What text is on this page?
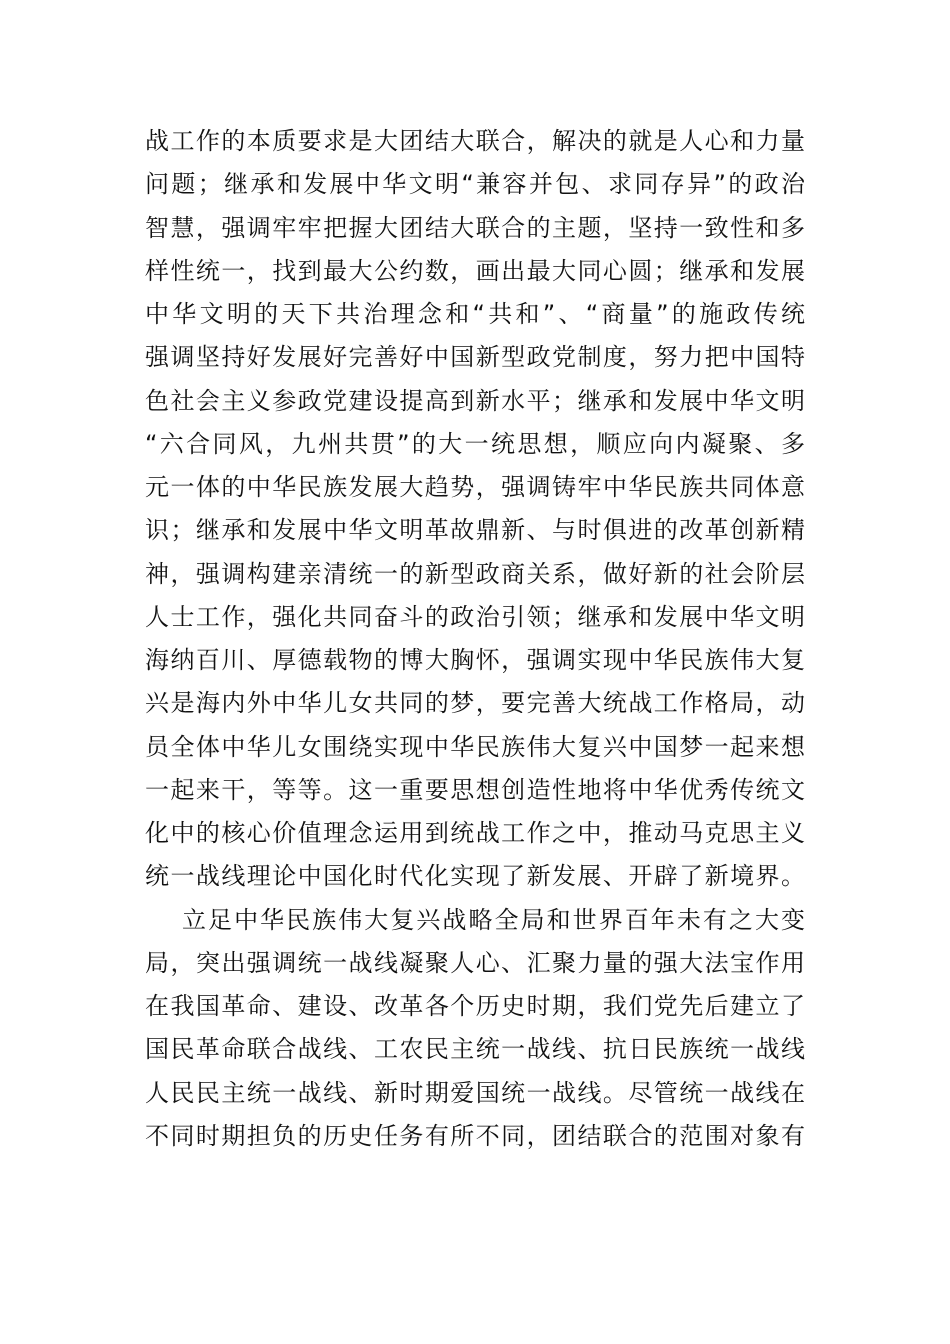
战工作的本质要求是大团结大联合，解决的就是人心和力量
问题；继承和发展中华文明“兼容并包、求同存异”的政治
智慧，强调牢牢把握大团结大联合的主题，坚持一致性和多
样性统一，找到最大公约数，画出最大同心圆；继承和发展
中华文明的天下共治理念和“共和”、“商量”的施政传统
强调坚持好发展好完善好中国新型政党制度，努力把中国特
色社会主义参政党建设提高到新水平；继承和发展中华文明
“六合同风，九州共贯”的大一统思想，顺应向内凝聚、多
元一体的中华民族发展大趋势，强调铸牢中华民族共同体意
识；继承和发展中华文明革故鼎新、与时俱进的改革创新精
神，强调构建亲清统一的新型政商关系，做好新的社会阶层
人士工作，强化共同奋斗的政治引领；继承和发展中华文明
海纳百川、厚德载物的博大胸怀，强调实现中华民族伟大复
兴是海内外中华儿女共同的梦，要完善大统战工作格局，动
员全体中华儿女围绕实现中华民族伟大复兴中国梦一起来想
一起来干，等等。这一重要思想创造性地将中华优秀传统文
化中的核心价值理念运用到统战工作之中，推动马克思主义
统一战线理论中国化时代化实现了新发展、开辟了新境界。
立足中华民族伟大复兴战略全局和世界百年未有之大变
局，突出强调统一战线凝聚人心、汇聚力量的强大法宝作用
在我国革命、建设、改革各个历史时期，我们党先后建立了
国民革命联合战线、工农民主统一战线、抗日民族统一战线
人民民主统一战线、新时期爱国统一战线。尽管统一战线在
不同时期担负的历史任务有所不同，团结联合的范围对象有
